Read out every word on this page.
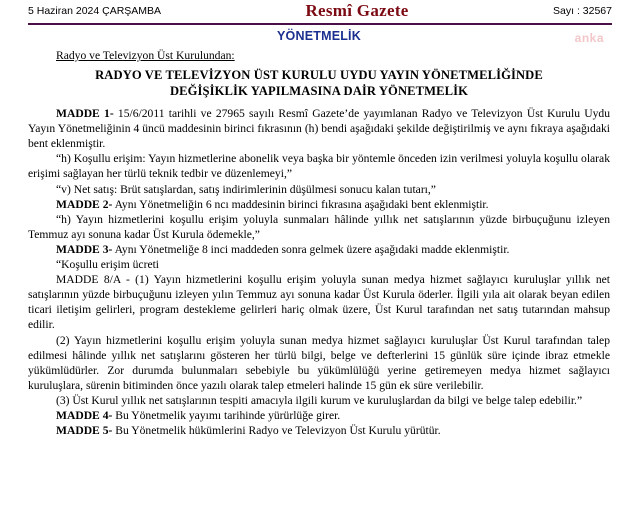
5 Haziran 2024 ÇARŞAMBA	Resmî Gazete	Sayı : 32567
YÖNETMELİK	anka
Radyo ve Televizyon Üst Kurulundan:
RADYO VE TELEVİZYON ÜST KURULU UYDU YAYIN YÖNETMELİĞİNDE
DEĞİŞİKLİK YAPILMASINA DAİR YÖNETMELİK

MADDE 1- 15/6/2011 tarihli ve 27965 sayılı Resmî Gazete’de yayımlanan Radyo ve Televizyon Üst Kurulu Uydu Yayın Yönetmeliğinin 4 üncü maddesinin birinci fıkrasının (h) bendi aşağıdaki şekilde değiştirilmiş ve aynı fıkraya aşağıdaki bent eklenmiştir.

“h) Koşullu erişim: Yayın hizmetlerine abonelik veya başka bir yöntemle önceden izin verilmesi yoluyla koşullu olarak erişimi sağlayan her türlü teknik tedbir ve düzenlemeyi,”

“v) Net satış: Brüt satışlardan, satış indirimlerinin düşülmesi sonucu kalan tutarı,”

MADDE 2- Aynı Yönetmeliğin 6 ncı maddesinin birinci fıkrasına aşağıdaki bent eklenmiştir.

“h) Yayın hizmetlerini koşullu erişim yoluyla sunmaları hâlinde yıllık net satışlarının yüzde birbuçuğunu izleyen Temmuz ayı sonuna kadar Üst Kurula ödemekle,”

MADDE 3- Aynı Yönetmeliğe 8 inci maddeden sonra gelmek üzere aşağıdaki madde eklenmiştir.

“Koşullu erişim ücreti

MADDE 8/A - (1) Yayın hizmetlerini koşullu erişim yoluyla sunan medya hizmet sağlayıcı kuruluşlar yıllık net satışlarının yüzde birbuçuğunu izleyen yılın Temmuz ayı sonuna kadar Üst Kurula öderler. İlgili yıla ait olarak beyan edilen ticari iletişim gelirleri, program destekleme gelirleri hariç olmak üzere, Üst Kurul tarafından net satış tutarından mahsup edilir.

(2) Yayın hizmetlerini koşullu erişim yoluyla sunan medya hizmet sağlayıcı kuruluşlar Üst Kurul tarafından talep edilmesi hâlinde yıllık net satışlarını gösteren her türlü bilgi, belge ve defterlerini 15 günlük süre içinde ibraz etmekle yükümlüdürler. Zor durumda bulunmaları sebebiyle bu yükümlülüğü yerine getiremeyen medya hizmet sağlayıcı kuruluşlara, sürenin bitiminden önce yazılı olarak talep etmeleri halinde 15 gün ek süre verilebilir.

(3) Üst Kurul yıllık net satışlarının tespiti amacıyla ilgili kurum ve kuruluşlardan da bilgi ve belge talep edebilir.”

MADDE 4- Bu Yönetmelik yayımı tarihinde yürürlüğe girer.

MADDE 5- Bu Yönetmelik hükümlerini Radyo ve Televizyon Üst Kurulu yürütür.
